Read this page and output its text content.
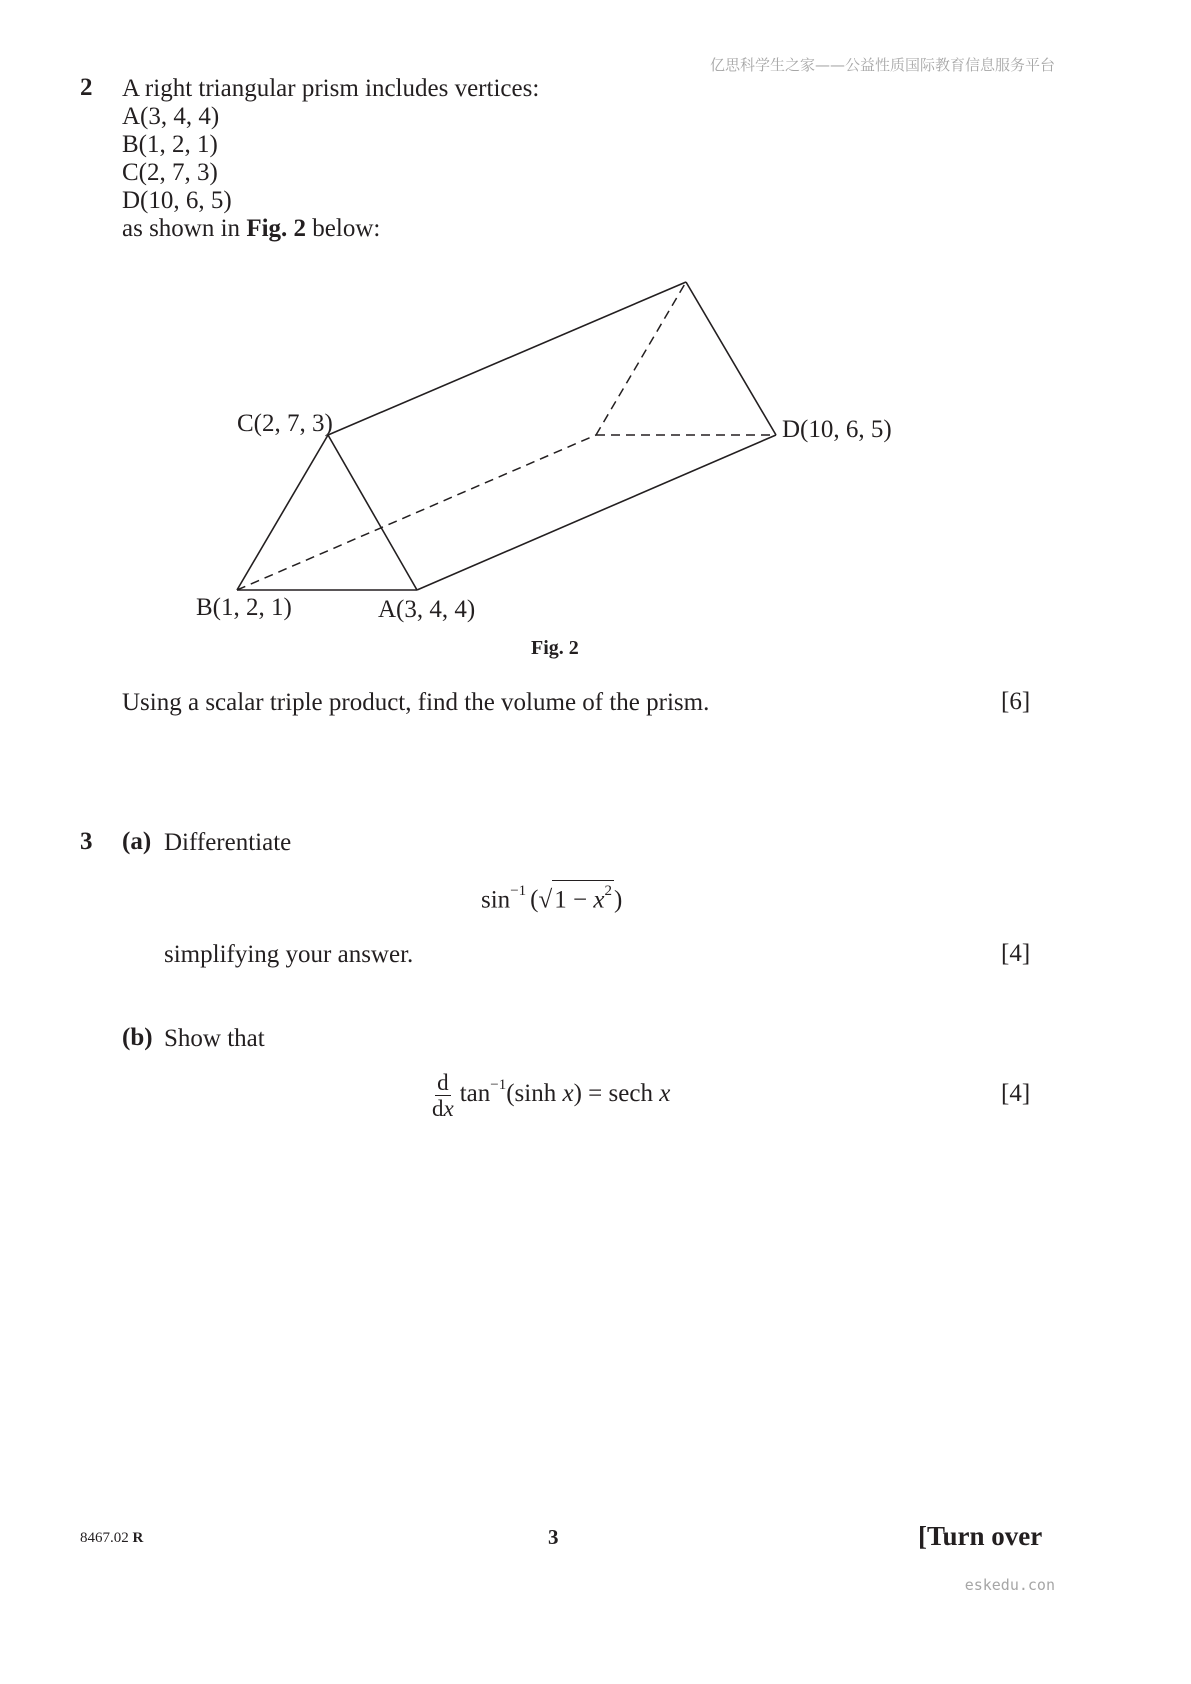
亿思科学生之家——公益性质国际教育信息服务平台
2 A right triangular prism includes vertices:
A(3, 4, 4)
B(1, 2, 1)
C(2, 7, 3)
D(10, 6, 5)
as shown in Fig. 2 below:
C(2, 7, 3)	D(10, 6, 5)
B(1, 2, 1)	A(3, 4, 4)
Fig. 2
Using a scalar triple product, find the volume of the prism.	[6]
3 (a) Differentiate
$\sin^{-1} (√1 - x^2)$
simplifying your answer.	[4]
(b) Show that
$\frac{d}{dx} \tan^{-1}(\sinh$ x) = sech x	[4]
eskedu.con
8467.02 R	3	[Turn over
